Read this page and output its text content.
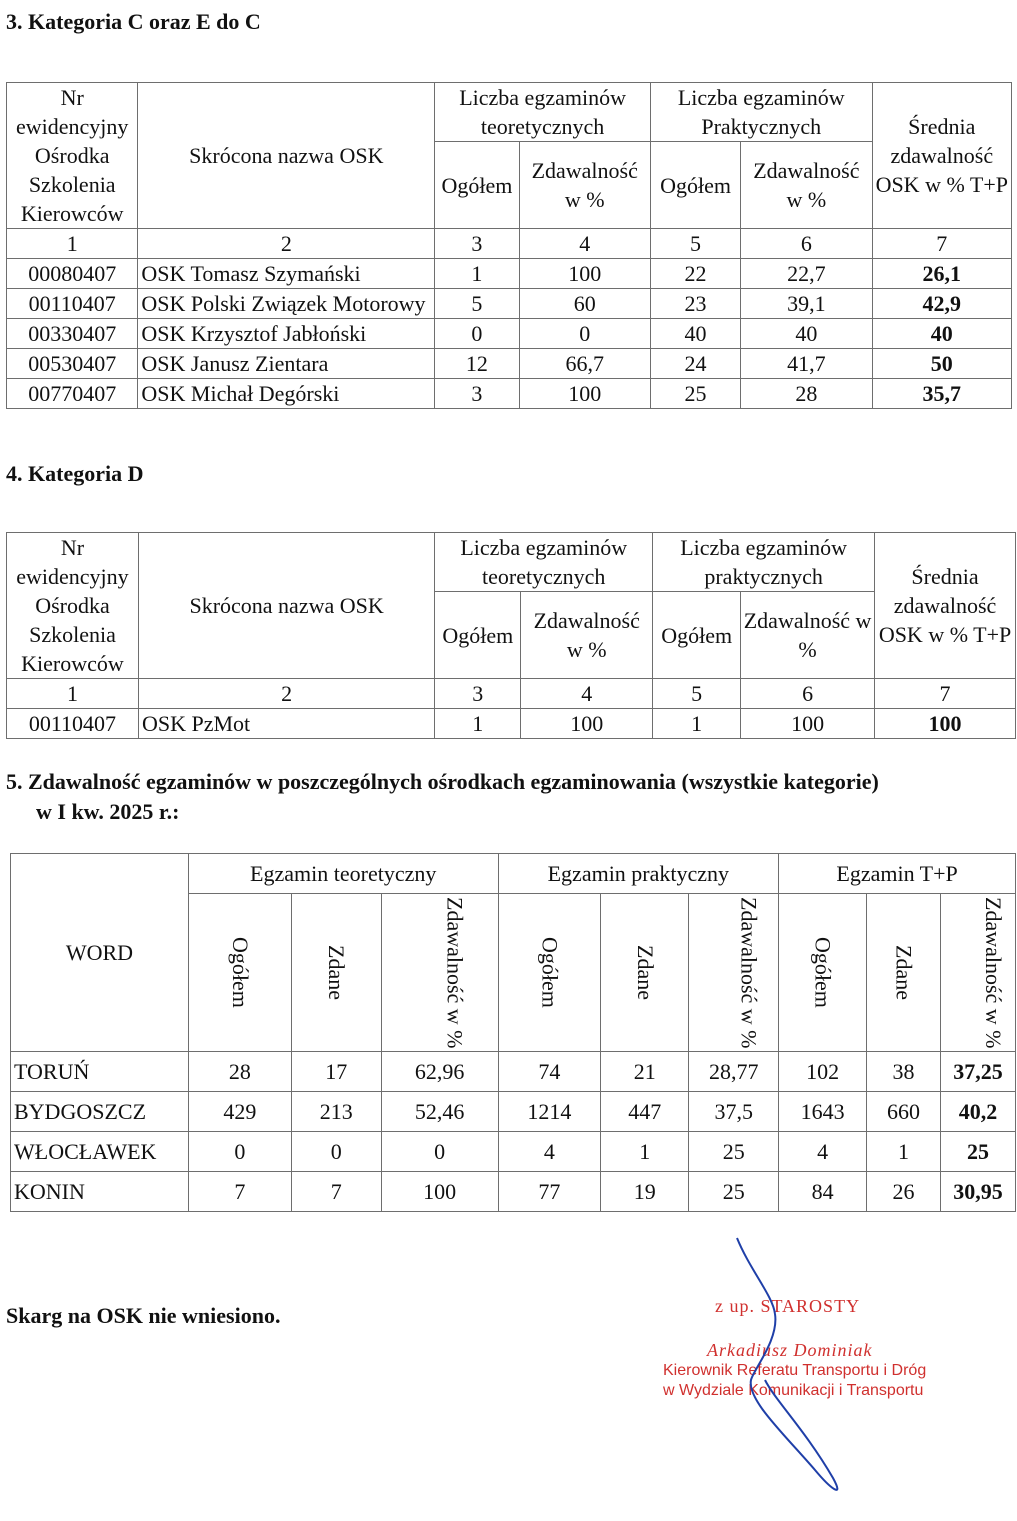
3. Kategoria C oraz E do C
Nr ewidencyjny Ośrodka Szkolenia Kierowców	Skrócona nazwa OSK	Liczba egzaminów teoretycznych		Liczba egzaminów Praktycznych		Średnia zdawalność OSK w % T+P
		Ogółem	Zdawalność w %	Ogółem	Zdawalność w %	
1	2	3	4	5	6	7
00080407	OSK Tomasz Szymański	1	100	22	22,7	26,1
00110407	OSK Polski Związek Motorowy	5	60	23	39,1	42,9
00330407	OSK Krzysztof Jabłoński	0	0	40	40	40
00530407	OSK Janusz Zientara	12	66,7	24	41,7	50
00770407	OSK Michał Degórski	3	100	25	28	35,7
4. Kategoria D
Nr ewidencyjny Ośrodka Szkolenia Kierowców	Skrócona nazwa OSK	Liczba egzaminów teoretycznych		Liczba egzaminów praktycznych		Średnia zdawalność OSK w % T+P
		Ogółem	Zdawalność w %	Ogółem	Zdawalność w %	
1	2	3	4	5	6	7
00110407	OSK PzMot	1	100	1	100	100
5. Zdawalność egzaminów w poszczególnych ośrodkach egzaminowania (wszystkie kategorie)
w I kw. 2025 r.:
WORD	Egzamin teoretyczny			Egzamin praktyczny			Egzamin T+P		

	Ogółem	Zdane	Zdawalność w %	Ogółem	Zdane	Zdawalność w %	Ogółem	Zdane	Zdawalność w %

TORUŃ	28	17	62,96	74	21	28,77	102	38	37,25
BYDGOSZCZ	429	213	52,46	1214	447	37,5	1643	660	40,2
WŁOCŁAWEK	0	0	0	4	1	25	4	1	25
KONIN	7	7	100	77	19	25	84	26	30,95
Skarg na OSK nie wniesiono.	z up. STAROSTY
Arkadiusz Dominiak
Kierownik Referatu Transportu i Dróg
w Wydziale Komunikacji i Transportu
